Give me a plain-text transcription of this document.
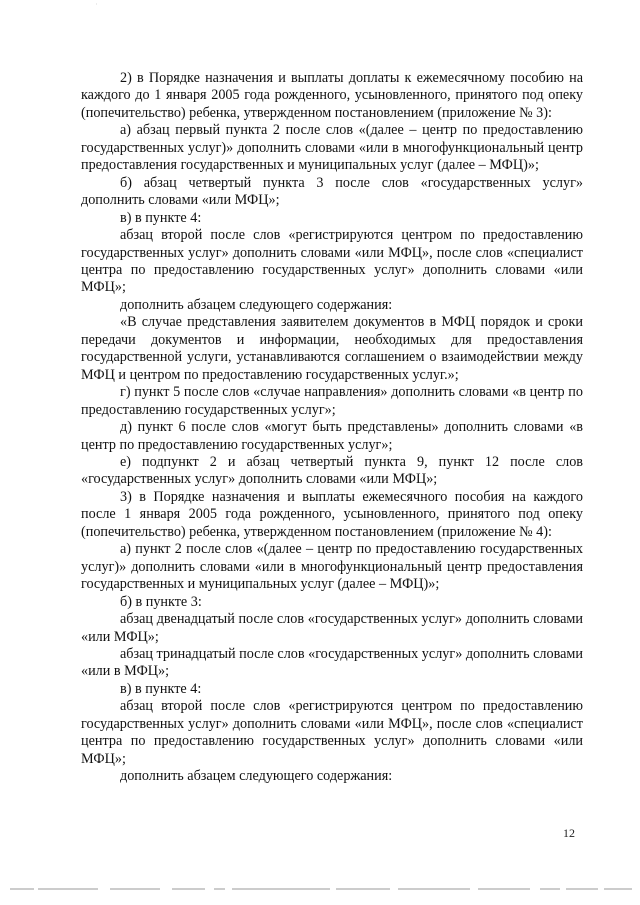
2) в Порядке назначения и выплаты доплаты к ежемесячному пособию на каждого до 1 января 2005 года рожденного, усыновленного, принятого под опеку (попечительство) ребенка, утвержденном постановлением (приложение № 3):

а) абзац первый пункта 2 после слов «(далее – центр по предоставлению государственных услуг)» дополнить словами «или в многофункциональный центр предоставления государственных и муниципальных услуг (далее – МФЦ)»;

б) абзац четвертый пункта 3 после слов «государственных услуг» дополнить словами «или МФЦ»;

в) в пункте 4:

абзац второй после слов «регистрируются центром по предоставлению государственных услуг» дополнить словами «или МФЦ», после слов «специалист центра по предоставлению государственных услуг» дополнить словами «или МФЦ»;

дополнить абзацем следующего содержания:

«В случае представления заявителем документов в МФЦ порядок и сроки передачи документов и информации, необходимых для предоставления государственной услуги, устанавливаются соглашением о взаимодействии между МФЦ и центром по предоставлению государственных услуг.»;

г) пункт 5 после слов «случае направления» дополнить словами «в центр по предоставлению государственных услуг»;

д) пункт 6 после слов «могут быть представлены» дополнить словами «в центр по предоставлению государственных услуг»;

е) подпункт 2 и абзац четвертый пункта 9, пункт 12 после слов «государственных услуг» дополнить словами «или МФЦ»;

3) в Порядке назначения и выплаты ежемесячного пособия на каждого после 1 января 2005 года рожденного, усыновленного, принятого под опеку (попечительство) ребенка, утвержденном постановлением (приложение № 4):

а) пункт 2 после слов «(далее – центр по предоставлению государственных услуг)» дополнить словами «или в многофункциональный центр предоставления государственных и муниципальных услуг (далее – МФЦ)»;

б) в пункте 3:

абзац двенадцатый после слов «государственных услуг» дополнить словами «или МФЦ»;

абзац тринадцатый после слов «государственных услуг» дополнить словами «или в МФЦ»;

в) в пункте 4:

абзац второй после слов «регистрируются центром по предоставлению государственных услуг» дополнить словами «или МФЦ», после слов «специалист центра по предоставлению государственных услуг» дополнить словами «или МФЦ»;

дополнить абзацем следующего содержания:

12
